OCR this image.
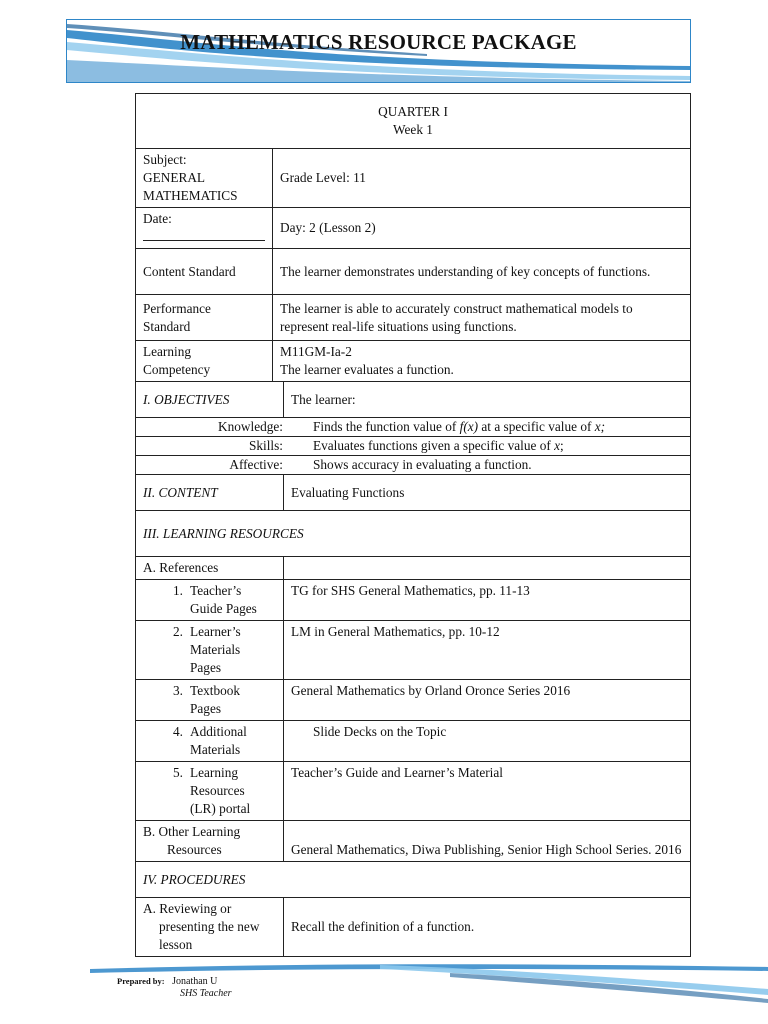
MATHEMATICS RESOURCE PACKAGE
QUARTER I
Week 1

Subject:
GENERAL
MATHEMATICS
	Grade Level: 11

Date:
	Day: 2 (Lesson 2)
Content Standard	The learner demonstrates understanding of key concepts of functions.
Performance
Standard	The learner is able to accurately construct mathematical models to represent real-life situations using functions.
Learning
Competency	M11GM-Ia-2
The learner evaluates a function.
I. OBJECTIVES	The learner:

Knowledge:	Finds the function value of f(x) at a specific value of x;

Skills:	Evaluates functions given a specific value of x;

Affective:	Shows accuracy in evaluating a function.

II. CONTENT	Evaluating Functions
III. LEARNING RESOURCES
A. References	

1.	Teacher’s
Guide Pages
	TG for SHS General Mathematics, pp. 11-13

2.	Learner’s
Materials
Pages
	LM in General Mathematics, pp. 10-12

3.	Textbook
Pages
	General Mathematics by Orland Oronce Series 2016

4.	Additional
Materials
	Slide Decks on the Topic

5.	Learning
Resources
(LR) portal
	Teacher’s Guide and Learner’s Material
B. Other Learning
Resources	General Mathematics, Diwa Publishing, Senior High School Series. 2016
IV. PROCEDURES
A. Reviewing or
presenting the new
lesson	Recall the definition of a function.
Prepared by: Jonathan U
SHS Teacher
